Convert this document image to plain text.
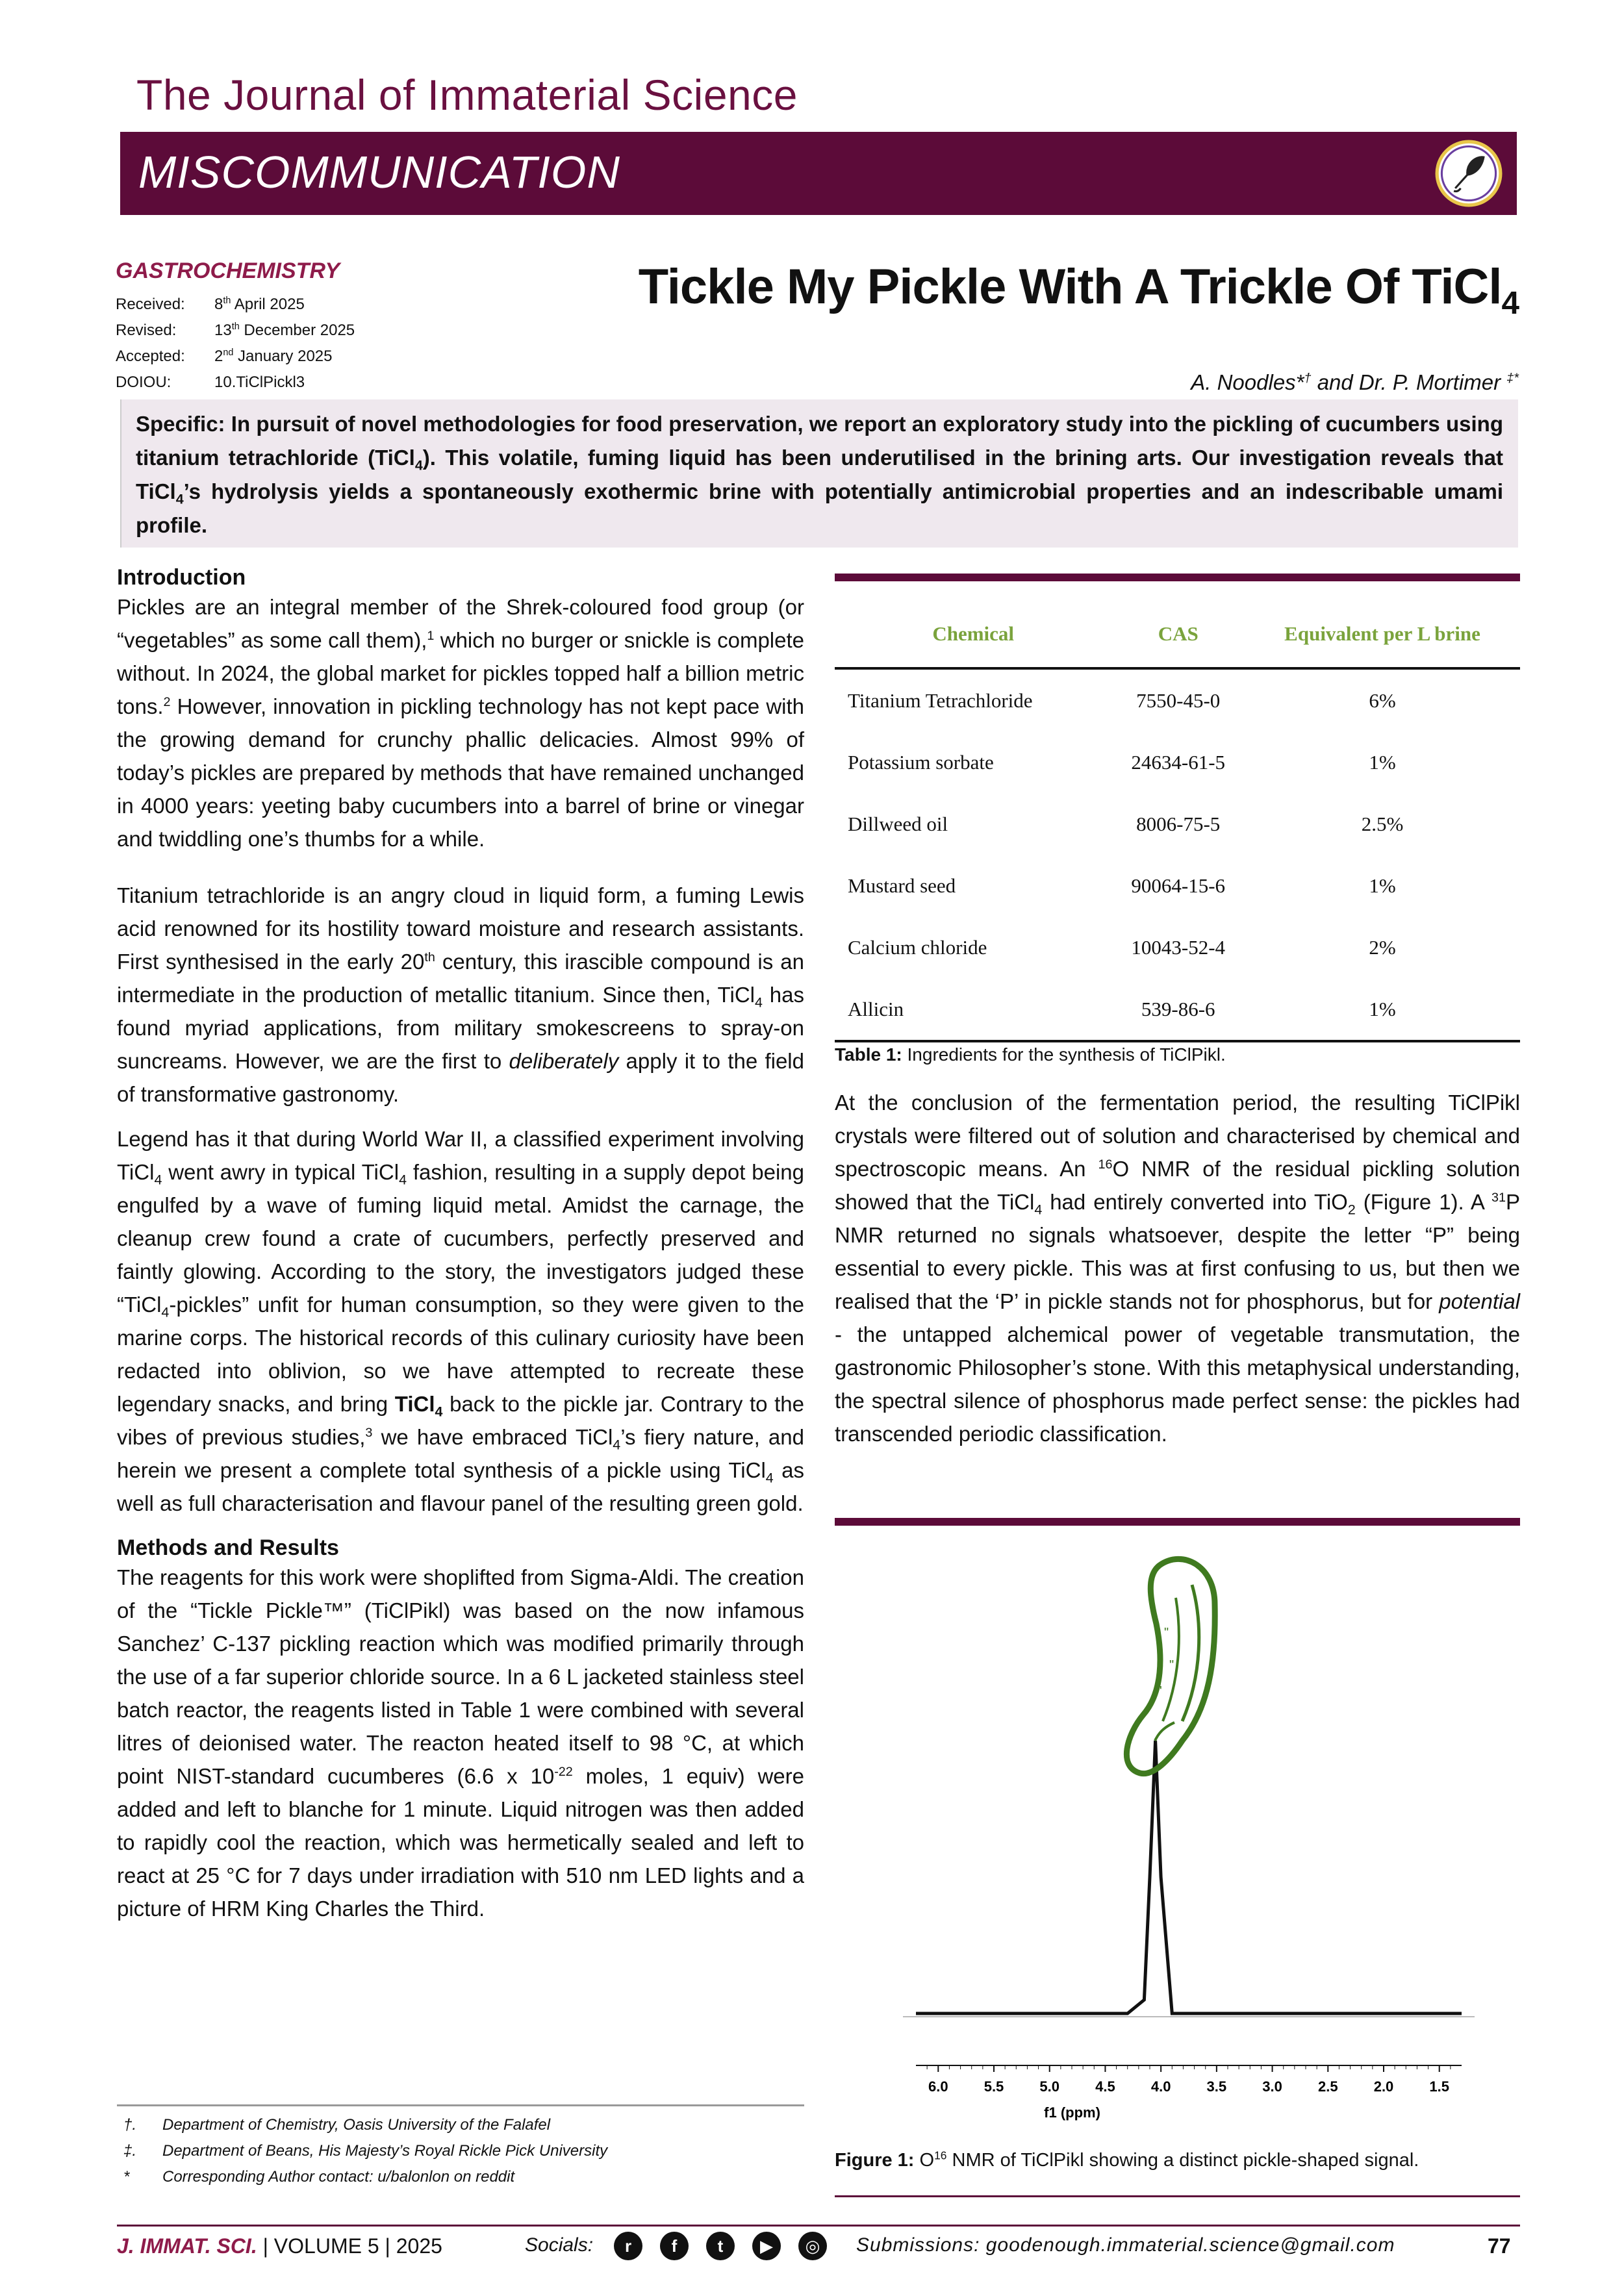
The Journal of Immaterial Science
MISCOMMUNICATION
GASTROCHEMISTRY
Received: 8th April 2025
Revised: 13th December 2025
Accepted: 2nd January 2025
DOIOU:	10.TiClPickl3
Tickle My Pickle With A Trickle Of TiCl$_4$
A. Noodles*† and Dr. P. Mortimer ‡*
Specific: In pursuit of novel methodologies for food preservation, we report an exploratory study into the pickling of cucumbers using titanium tetrachloride (TiCl$_4$). This volatile, fuming liquid has been underutilised in the brining arts. Our investigation reveals that TiCl$_4$’s hydrolysis yields a spontaneously exothermic brine with potentially antimicrobial properties and an indescribable umami profile.
Introduction
Pickles are an integral member of the Shrek-coloured food group (or “vegetables” as some call them),$^1$ which no burger or snickle is complete without. In 2024, the global market for pickles topped half a billion metric tons.$^2$ However, innovation in pickling technology has not kept pace with the growing demand for crunchy phallic delicacies. Almost 99% of today’s pickles are prepared by methods that have remained unchanged in 4000 years: yeeting baby cucumbers into a barrel of brine or vinegar and twiddling one’s thumbs for a while.
Titanium tetrachloride is an angry cloud in liquid form, a fuming Lewis acid renowned for its hostility toward moisture and research assistants. First synthesised in the early 20th century, this irascible compound is an intermediate in the production of metallic titanium. Since then, TiCl$_4$ has found myriad applications, from military smokescreens to spray-on suncreams. However, we are the first to deliberately apply it to the field of transformative gastronomy.
Legend has it that during World War II, a classified experiment involving TiCl$_4$ went awry in typical TiCl$_4$ fashion, resulting in a supply depot being engulfed by a wave of fuming liquid metal. Amidst the carnage, the cleanup crew found a crate of cucumbers, perfectly preserved and faintly glowing. According to the story, the investigators judged these “TiCl$_4$-pickles” unfit for human consumption, so they were given to the marine corps. The historical records of this culinary curiosity have been redacted into oblivion, so we have attempted to recreate these legendary snacks, and bring TiCl$_4$ back to the pickle jar. Contrary to the vibes of previous studies,$^3$ we have embraced TiCl$_4$’s fiery nature, and herein we present a complete total synthesis of a pickle using TiCl$_4$ as well as full characterisation and flavour panel of the resulting green gold.
Methods and Results
The reagents for this work were shoplifted from Sigma-Aldi. The creation of the “Tickle Pickle™” (TiClPikl) was based on the now infamous Sanchez’ C-137 pickling reaction which was modified primarily through the use of a far superior chloride source. In a 6 L jacketed stainless steel batch reactor, the reagents listed in Table 1 were combined with several litres of deionised water. The reacton heated itself to 98 °C, at which point NIST-standard cucumberes (6.6 x $10^{-22}$ moles, 1 equiv) were added and left to blanche for 1 minute. Liquid nitrogen was then added to rapidly cool the reaction, which was hermetically sealed and left to react at 25 °C for 7 days under irradiation with 510 nm LED lights and a picture of HRM King Charles the Third.
†. Department of Chemistry, Oasis University of the Falafel
‡. Department of Beans, His Majesty’s Royal Rickle Pick University
* Corresponding Author contact: u/balonlon on reddit
Chemical	CAS	Equivalent per L brine
Titanium Tetrachloride	7550-45-0	6%
Potassium sorbate	24634-61-5	1%
Dillweed oil	8006-75-5	2.5%
Mustard seed	90064-15-6	1%
Calcium chloride	10043-52-4	2%
Allicin	539-86-6	1%
Table 1: Ingredients for the synthesis of TiClPikl.
At the conclusion of the fermentation period, the resulting TiClPikl crystals were filtered out of solution and characterised by chemical and spectroscopic means. An $^{16}$O NMR of the residual pickling solution showed that the TiCl$_4$ had entirely converted into TiO$_2$ (Figure 1). A $^{31}$P NMR returned no signals whatsoever, despite the letter “P” being essential to every pickle. This was at first confusing to us, but then we realised that the ‘P’ in pickle stands not for phosphorus, but for potential - the untapped alchemical power of vegetable transmutation, the gastronomic Philosopher’s stone. With this metaphysical understanding, the spectral silence of phosphorus made perfect sense: the pickles had transcended periodic classification.
6.0	5.5	5.0	4.5	4.0	3.5	3.0	2.5	2.0	1.5
f1 (ppm)
"
"
'
Figure 1: $O^{16}$ NMR of TiClPikl showing a distinct pickle-shaped signal.
J. IMMAT. SCI. | VOLUME 5 | 2025	Socials:	r	f	t	▶	◎	Submissions: goodenough.immaterial.science@gmail.com	77
